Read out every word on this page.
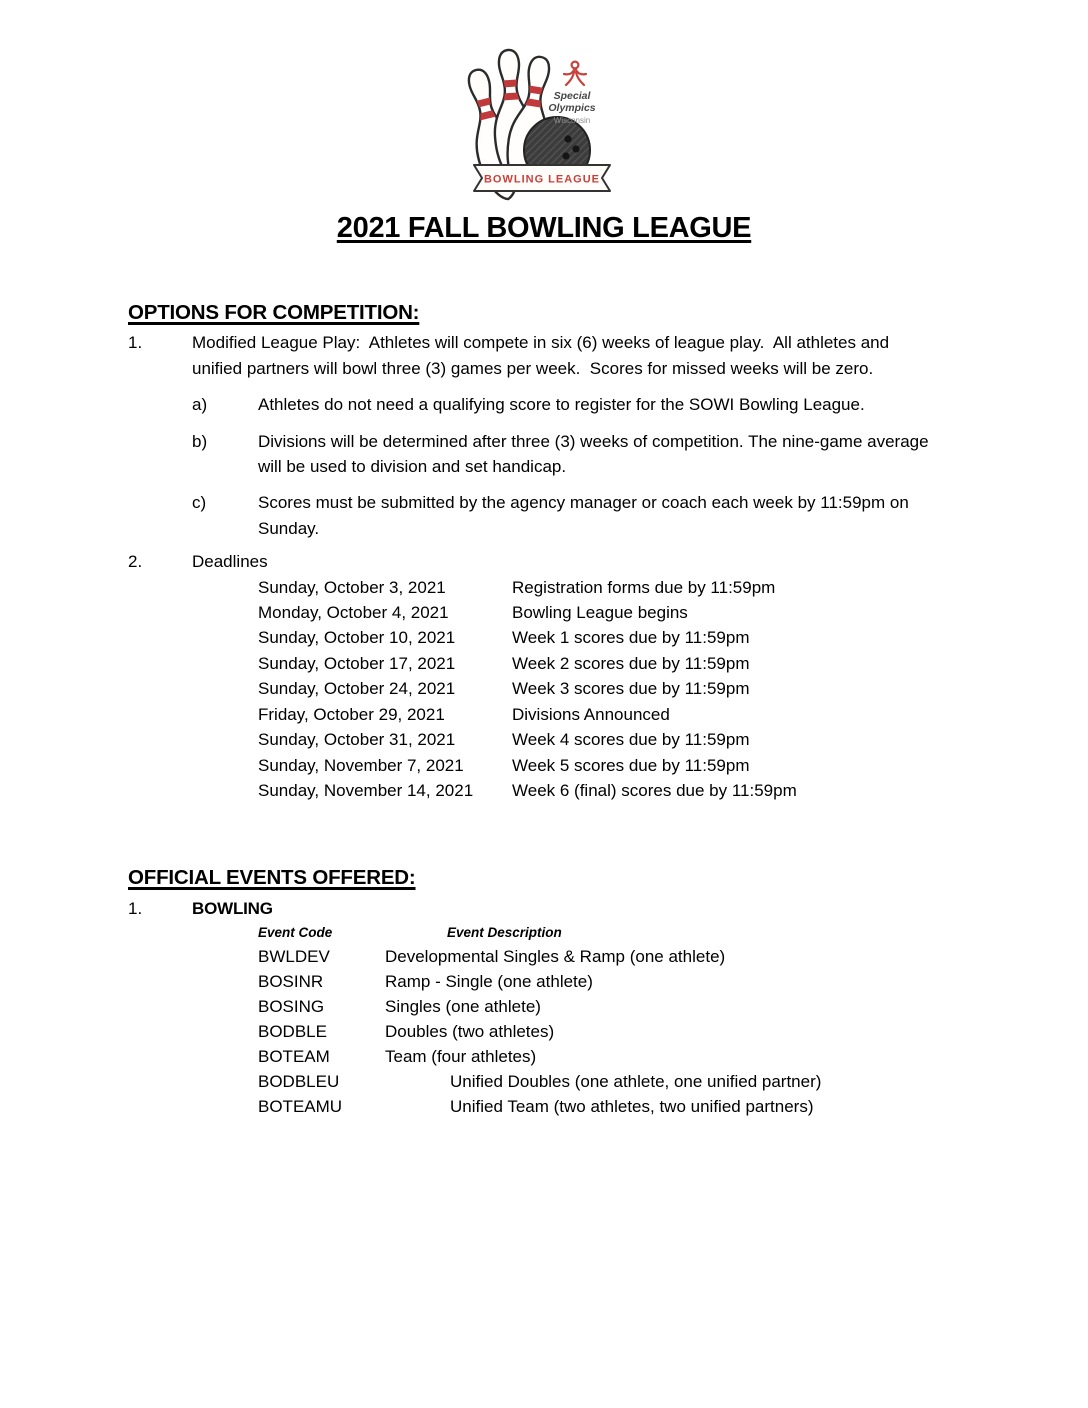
BOWLING LEAGUE
Special
Olympics
Wisconsin
2021 FALL BOWLING LEAGUE
OPTIONS FOR COMPETITION:
1.	Modified League Play:  Athletes will compete in six (6) weeks of league play.  All athletes and
unified partners will bowl three (3) games per week.  Scores for missed weeks will be zero.
a)	Athletes do not need a qualifying score to register for the SOWI Bowling League.
b)	Divisions will be determined after three (3) weeks of competition. The nine-game average
will be used to division and set handicap.
c)	Scores must be submitted by the agency manager or coach each week by 11:59pm on
Sunday.
2.	Deadlines
Sunday, October 3, 2021	Registration forms due by 11:59pm
Monday, October 4, 2021	Bowling League begins
Sunday, October 10, 2021	Week 1 scores due by 11:59pm
Sunday, October 17, 2021	Week 2 scores due by 11:59pm
Sunday, October 24, 2021	Week 3 scores due by 11:59pm
Friday, October 29, 2021	Divisions Announced
Sunday, October 31, 2021	Week 4 scores due by 11:59pm
Sunday, November 7, 2021	Week 5 scores due by 11:59pm
Sunday, November 14, 2021	Week 6 (final) scores due by 11:59pm
OFFICIAL EVENTS OFFERED:
1.	BOWLING
Event Code	Event Description
BWLDEV	Developmental Singles & Ramp (one athlete)
BOSINR	Ramp - Single (one athlete)
BOSING	Singles (one athlete)
BODBLE	Doubles (two athletes)
BOTEAM	Team (four athletes)
BODBLEU	Unified Doubles (one athlete, one unified partner)
BOTEAMU	Unified Team (two athletes, two unified partners)
